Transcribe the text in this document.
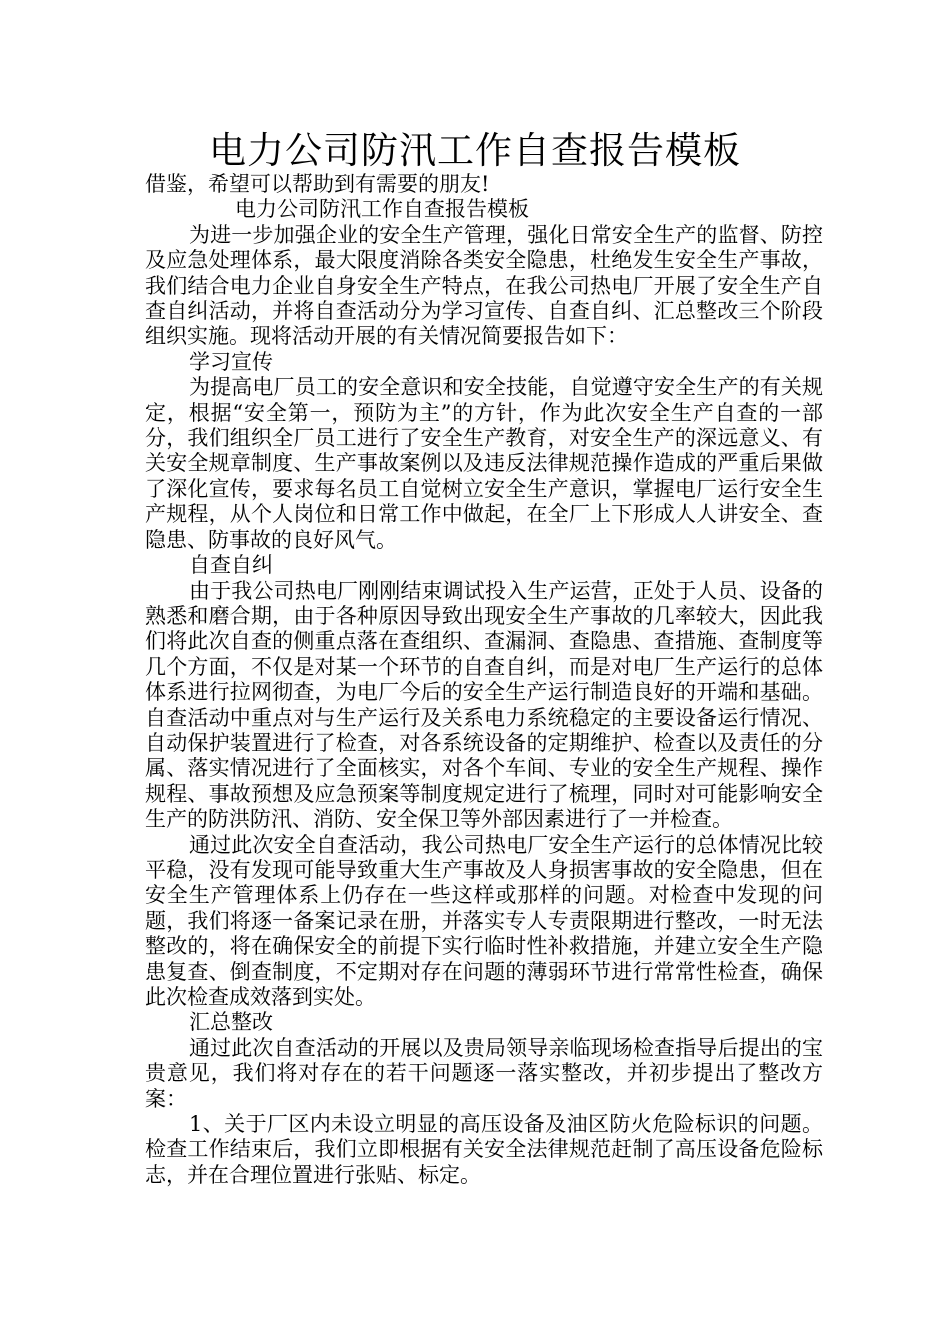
电力公司防汛工作自查报告模板

借鉴，希望可以帮助到有需要的朋友!

电力公司防汛工作自查报告模板

为进一步加强企业的安全生产管理，强化日常安全生产的监督、防控及应急处理体系，最大限度消除各类安全隐患，杜绝发生安全生产事故，我们结合电力企业自身安全生产特点，在我公司热电厂开展了安全生产自查自纠活动，并将自查活动分为学习宣传、自查自纠、汇总整改三个阶段组织实施。现将活动开展的有关情况简要报告如下：

学习宣传

为提高电厂员工的安全意识和安全技能，自觉遵守安全生产的有关规定，根据“安全第一，预防为主”的方针，作为此次安全生产自查的一部分，我们组织全厂员工进行了安全生产教育，对安全生产的深远意义、有关安全规章制度、生产事故案例以及违反法律规范操作造成的严重后果做了深化宣传，要求每名员工自觉树立安全生产意识，掌握电厂运行安全生产规程，从个人岗位和日常工作中做起，在全厂上下形成人人讲安全、查隐患、防事故的良好风气。

自查自纠

由于我公司热电厂刚刚结束调试投入生产运营，正处于人员、设备的熟悉和磨合期，由于各种原因导致出现安全生产事故的几率较大，因此我们将此次自查的侧重点落在查组织、查漏洞、查隐患、查措施、查制度等几个方面，不仅是对某一个环节的自查自纠，而是对电厂生产运行的总体体系进行拉网彻查，为电厂今后的安全生产运行制造良好的开端和基础。自查活动中重点对与生产运行及关系电力系统稳定的主要设备运行情况、自动保护装置进行了检查，对各系统设备的定期维护、检查以及责任的分属、落实情况进行了全面核实，对各个车间、专业的安全生产规程、操作规程、事故预想及应急预案等制度规定进行了梳理，同时对可能影响安全生产的防洪防汛、消防、安全保卫等外部因素进行了一并检查。

通过此次安全自查活动，我公司热电厂安全生产运行的总体情况比较平稳，没有发现可能导致重大生产事故及人身损害事故的安全隐患，但在安全生产管理体系上仍存在一些这样或那样的问题。对检查中发现的问题，我们将逐一备案记录在册，并落实专人专责限期进行整改，一时无法整改的，将在确保安全的前提下实行临时性补救措施，并建立安全生产隐患复查、倒查制度，不定期对存在问题的薄弱环节进行常常性检查，确保此次检查成效落到实处。

汇总整改

通过此次自查活动的开展以及贵局领导亲临现场检查指导后提出的宝贵意见，我们将对存在的若干问题逐一落实整改，并初步提出了整改方案：

1、关于厂区内未设立明显的高压设备及油区防火危险标识的问题。检查工作结束后，我们立即根据有关安全法律规范赶制了高压设备危险标志，并在合理位置进行张贴、标定。
